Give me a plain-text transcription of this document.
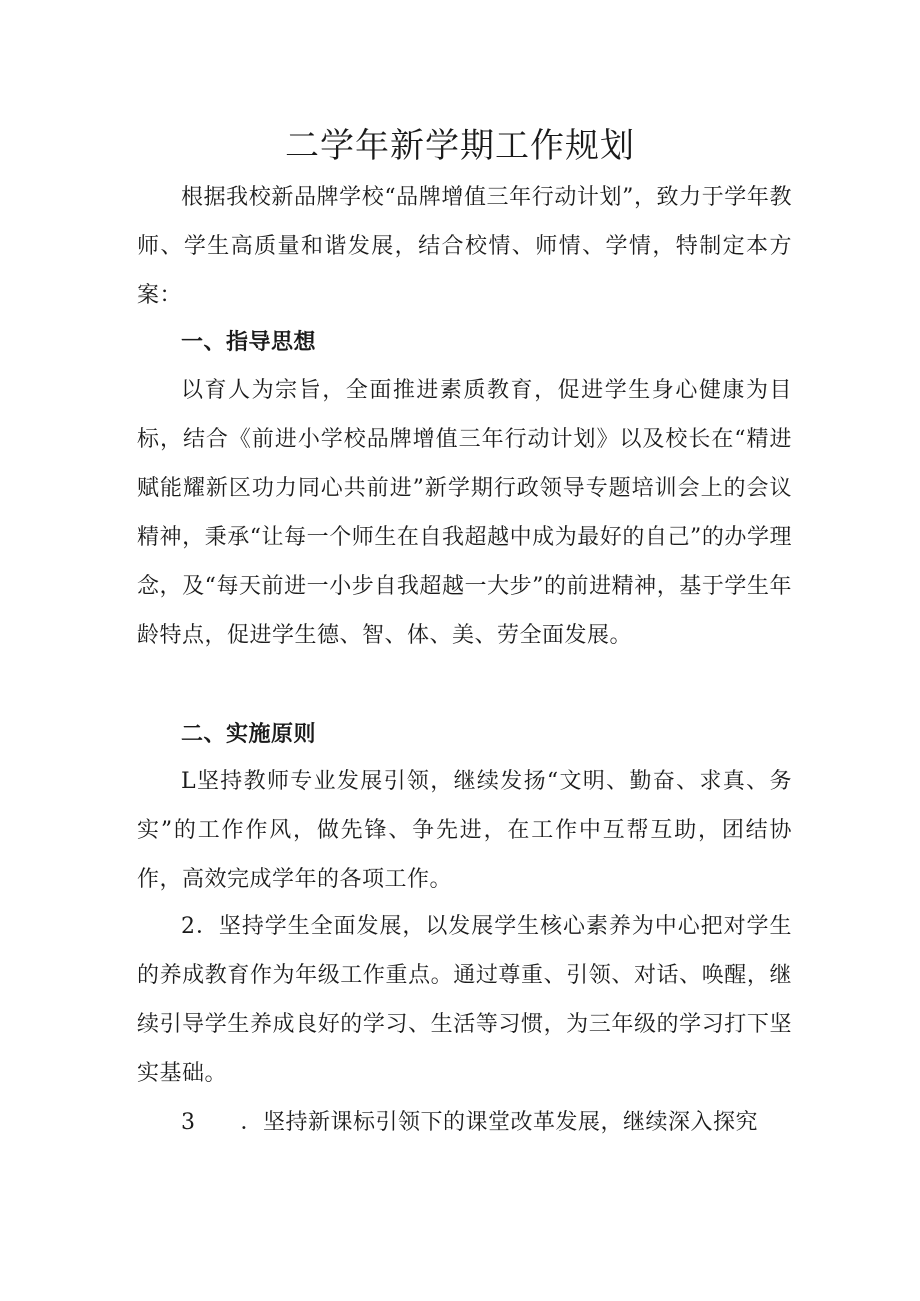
二学年新学期工作规划

根据我校新品牌学校“品牌增值三年行动计划”，致力于学年教师、学生高质量和谐发展，结合校情、师情、学情，特制定本方案：

一、指导思想

以育人为宗旨，全面推进素质教育，促进学生身心健康为目标，结合《前进小学校品牌增值三年行动计划》以及校长在“精进赋能耀新区功力同心共前进”新学期行政领导专题培训会上的会议精神，秉承“让每一个师生在自我超越中成为最好的自己”的办学理念，及“每天前进一小步自我超越一大步”的前进精神，基于学生年龄特点，促进学生德、智、体、美、劳全面发展。

二、实施原则

L坚持教师专业发展引领，继续发扬“文明、勤奋、求真、务实”的工作作风，做先锋、争先进，在工作中互帮互助，团结协作，高效完成学年的各项工作。

2．坚持学生全面发展，以发展学生核心素养为中心把对学生的养成教育作为年级工作重点。通过尊重、引领、对话、唤醒，继续引导学生养成良好的学习、生活等习惯，为三年级的学习打下坚实基础。

3　　．坚持新课标引领下的课堂改革发展，继续深入探究
